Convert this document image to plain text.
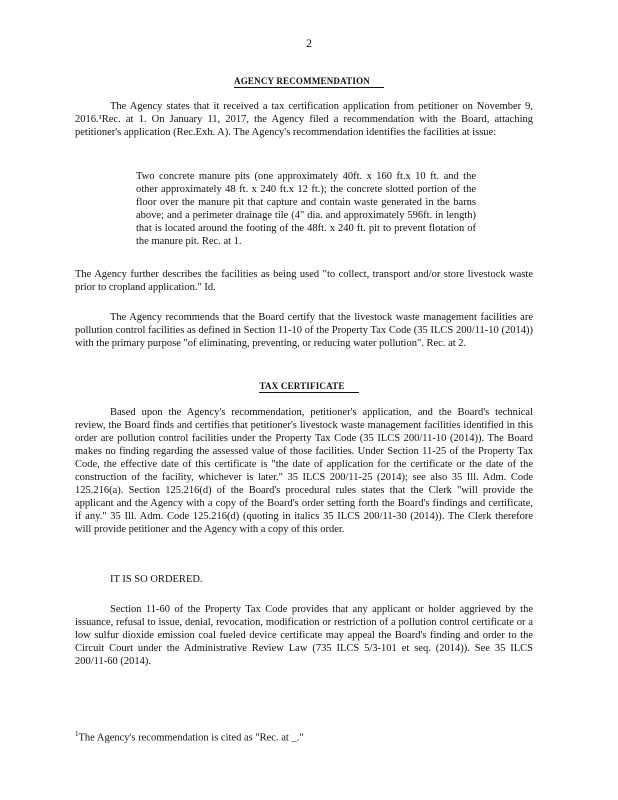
2
AGENCY RECOMMENDATION
The Agency states that it received a tax certification application from petitioner on November 9, 2016.¹Rec. at 1. On January 11, 2017, the Agency filed a recommendation with the Board, attaching petitioner's application (Rec.Exh. A). The Agency's recommendation identifies the facilities at issue:
Two concrete manure pits (one approximately 40ft. x 160 ft.x 10 ft. and the other approximately 48 ft. x 240 ft.x 12 ft.); the concrete slotted portion of the floor over the manure pit that capture and contain waste generated in the barns above; and a perimeter drainage tile (4" dia. and approximately 596ft. in length) that is located around the footing of the 48ft. x 240 ft. pit to prevent flotation of the manure pit. Rec. at 1.
The Agency further describes the facilities as being used "to collect, transport and/or store livestock waste prior to cropland application." Id.
The Agency recommends that the Board certify that the livestock waste management facilities are pollution control facilities as defined in Section 11-10 of the Property Tax Code (35 ILCS 200/11-10 (2014)) with the primary purpose "of eliminating, preventing, or reducing water pollution". Rec. at 2.
TAX CERTIFICATE
Based upon the Agency's recommendation, petitioner's application, and the Board's technical review, the Board finds and certifies that petitioner's livestock waste management facilities identified in this order are pollution control facilities under the Property Tax Code (35 ILCS 200/11-10 (2014)). The Board makes no finding regarding the assessed value of those facilities. Under Section 11-25 of the Property Tax Code, the effective date of this certificate is "the date of application for the certificate or the date of the construction of the facility, whichever is later." 35 ILCS 200/11-25 (2014); see also 35 Ill. Adm. Code 125.216(a). Section 125.216(d) of the Board's procedural rules states that the Clerk "will provide the applicant and the Agency with a copy of the Board's order setting forth the Board's findings and certificate, if any." 35 Ill. Adm. Code 125.216(d) (quoting in italics 35 ILCS 200/11-30 (2014)). The Clerk therefore will provide petitioner and the Agency with a copy of this order.
IT IS SO ORDERED.
Section 11-60 of the Property Tax Code provides that any applicant or holder aggrieved by the issuance, refusal to issue, denial, revocation, modification or restriction of a pollution control certificate or a low sulfur dioxide emission coal fueled device certificate may appeal the Board's finding and order to the Circuit Court under the Administrative Review Law (735 ILCS 5/3-101 et seq. (2014)). See 35 ILCS 200/11-60 (2014).
$^1$The Agency's recommendation is cited as "Rec. at _."
